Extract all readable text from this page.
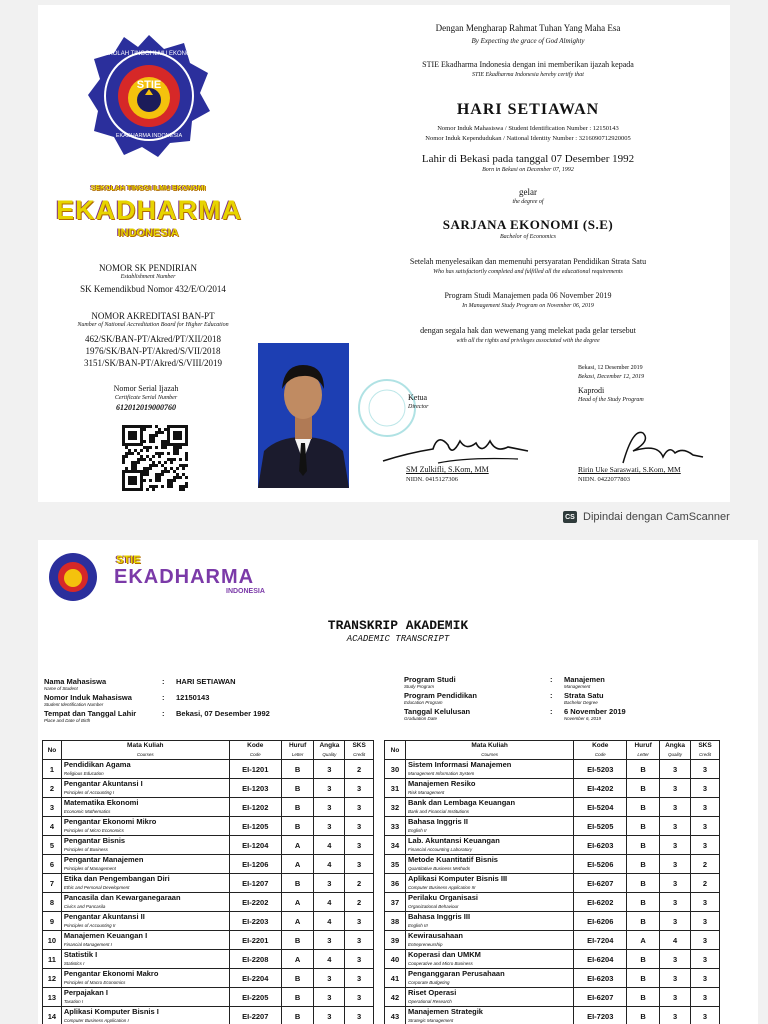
STIE
SEKOLAH TINGGI ILMU EKONOMI
EKADHARMA INDONESIA
SEKOLAH TINGGI ILMU EKONOMI
EKADHARMA
INDONESIA
NOMOR SK PENDIRIAN
Establishment Number
SK Kemendikbud Nomor 432/E/O/2014
NOMOR AKREDITASI BAN-PT
Number of National Accreditation Board for Higher Education
462/SK/BAN-PT/Akred/PT/XII/2018
1976/SK/BAN-PT/Akred/S/VII/2018
3151/SK/BAN-PT/Akred/S/VIII/2019
Nomor Serial Ijazah
Certificate Serial Number
612012019000760
Dengan Mengharap Rahmat Tuhan Yang Maha Esa
By Expecting the grace of God Almighty
STIE Ekadharma Indonesia dengan ini memberikan ijazah kepada
STIE Ekadharma Indonesia hereby certify that
HARI SETIAWAN
Nomor Induk Mahasiswa / Student Identification Number : 12150143
Nomor Induk Kependudukan / National Identity Number : 3216090712920005
Lahir di Bekasi pada tanggal 07 Desember 1992
Born in Bekasi on December 07, 1992
gelar
the degree of
SARJANA EKONOMI (S.E)
Bachelor of Economics
Setelah menyelesaikan dan memenuhi persyaratan Pendidikan Strata Satu
Who has satisfactorily completed and fulfilled all the educational requirements
Program Studi Manajemen pada 06 November 2019
In Management Study Program on November 06, 2019
dengan segala hak dan wewenang yang melekat pada gelar tersebut
with all the rights and privileges associated with the degree
Bekasi, 12 Desember 2019
Bekasi, December 12, 2019
Ketua
Director
Kaprodi
Head of the Study Program
SM Zulkifli, S.Kom, MM
NIDN. 0415127306
Ririn Uke Saraswati, S.Kom, MM
NIDN. 0422077803
CS Dipindai dengan CamScanner
STIE
EKADHARMA
INDONESIA
TRANSKRIP AKADEMIK
ACADEMIC TRANSCRIPT
Nama Mahasiswa
Name of Student
:	HARI SETIAWAN
Nomor Induk Mahasiswa
Student Identification Number
:	12150143
Tempat dan Tanggal Lahir
Place and Date of Birth
:	Bekasi, 07 Desember 1992
Program Studi
Study Program
:	Manajemen
Management
Program Pendidikan
Education Program
:	Strata Satu
Bachelor Degree
Tanggal Kelulusan
Graduation Date
:	6 November 2019
November 6, 2019
No	Mata Kuliah
Courses	Kode
Code	Huruf
Letter	Angka
Quality	SKS
Credit

1	Pendidikan Agama
Religious Education	EI-1201	B	3	2
2	Pengantar Akuntansi I
Principles of Accounting I	EI-1203	B	3	3
3	Matematika Ekonomi
Economic Mathematics	EI-1202	B	3	3
4	Pengantar Ekonomi Mikro
Principles of Micro Economics	EI-1205	B	3	3
5	Pengantar Bisnis
Principles of Business	EI-1204	A	4	3
6	Pengantar Manajemen
Principles of Management	EI-1206	A	4	3
7	Etika dan Pengembangan Diri
Ethic and Personal Development	EI-1207	B	3	2
8	Pancasila dan Kewarganegaraan
Civics and Pancasila	EI-2202	A	4	2
9	Pengantar Akuntansi II
Principles of Accounting II	EI-2203	A	4	3
10	Manajemen Keuangan I
Financial Management I	EI-2201	B	3	3
11	Statistik I
Statistics I	EI-2208	A	4	3
12	Pengantar Ekonomi Makro
Principles of Macro Economics	EI-2204	B	3	3
13	Perpajakan I
Taxation I	EI-2205	B	3	3
14	Aplikasi Komputer Bisnis I
Computer Business Application I	EI-2207	B	3	3
No	Mata Kuliah
Courses	Kode
Code	Huruf
Letter	Angka
Quality	SKS
Credit

30	Sistem Informasi Manajemen
Management Information System	EI-5203	B	3	3
31	Manajemen Resiko
Risk Management	EI-4202	B	3	3
32	Bank dan Lembaga Keuangan
Bank and Financial Institutions	EI-5204	B	3	3
33	Bahasa Inggris II
English II	EI-5205	B	3	3
34	Lab. Akuntansi Keuangan
Financial Accounting Laboratory	EI-6203	B	3	3
35	Metode Kuantitatif Bisnis
Quantitative Business Methods	EI-5206	B	3	2
36	Aplikasi Komputer Bisnis III
Computer Business Application III	EI-6207	B	3	2
37	Perilaku Organisasi
Organizational Behaviour	EI-6202	B	3	3
38	Bahasa Inggris III
English III	EI-6206	B	3	3
39	Kewirausahaan
Entrepreneurship	EI-7204	A	4	3
40	Koperasi dan UMKM
Cooperative and Micro Business	EI-6204	B	3	3
41	Penganggaran Perusahaan
Corporate Budgeting	EI-6203	B	3	3
42	Riset Operasi
Operational Research	EI-6207	B	3	3
43	Manajemen Strategik
Strategic Management	EI-7203	B	3	3
